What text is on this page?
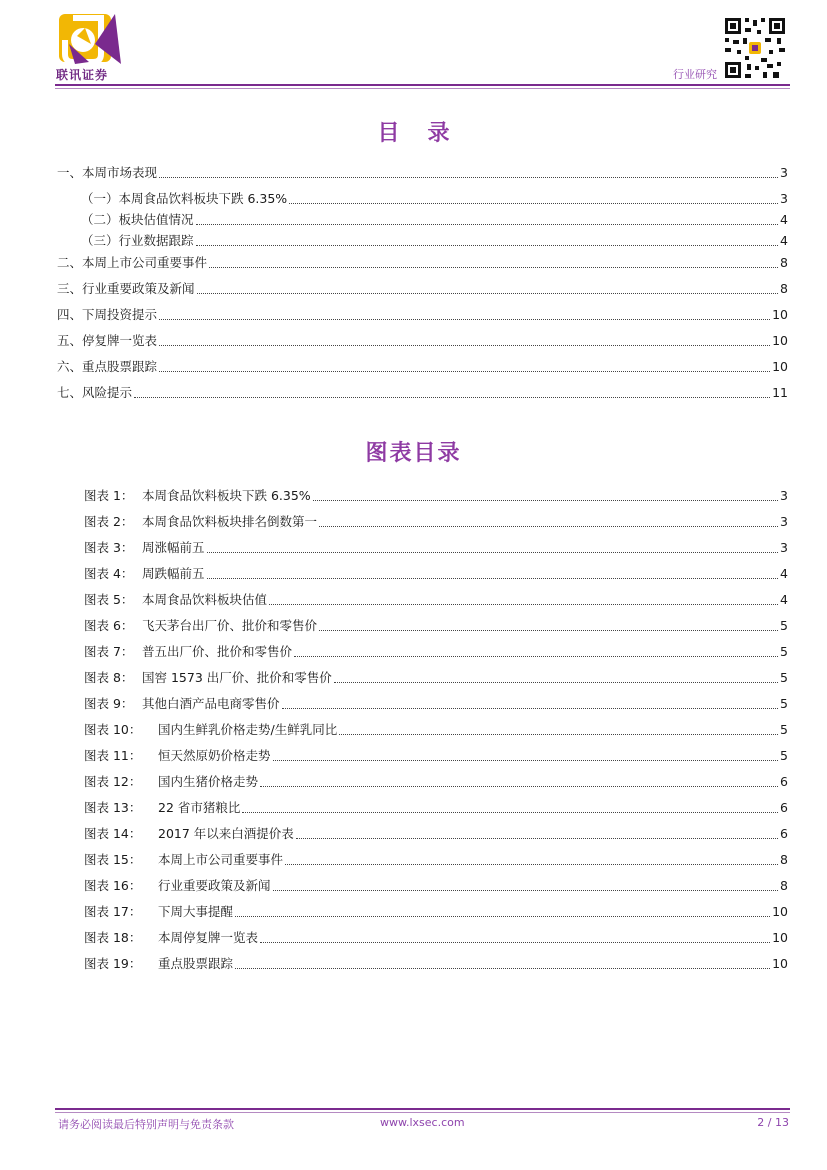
联讯证券	行业研究
目录
一、本周市场表现	3
（一）本周食品饮料板块下跌 6.35%	3
（二）板块估值情况	4
（三）行业数据跟踪	4
二、本周上市公司重要事件	8
三、行业重要政策及新闻	8
四、下周投资提示	10
五、停复牌一览表	10
六、重点股票跟踪	10
七、风险提示	11
图表目录
图表 1： 本周食品饮料板块下跌 6.35%	3
图表 2： 本周食品饮料板块排名倒数第一	3
图表 3： 周涨幅前五	3
图表 4： 周跌幅前五	4
图表 5： 本周食品饮料板块估值	4
图表 6： 飞天茅台出厂价、批价和零售价	5
图表 7： 普五出厂价、批价和零售价	5
图表 8： 国窖 1573 出厂价、批价和零售价	5
图表 9： 其他白酒产品电商零售价	5
图表 10： 国内生鲜乳价格走势/生鲜乳同比	5
图表 11： 恒天然原奶价格走势	5
图表 12： 国内生猪价格走势	6
图表 13： 22 省市猪粮比	6
图表 14： 2017 年以来白酒提价表	6
图表 15： 本周上市公司重要事件	8
图表 16： 行业重要政策及新闻	8
图表 17： 下周大事提醒	10
图表 18： 本周停复牌一览表	10
图表 19： 重点股票跟踪	10
请务必阅读最后特别声明与免责条款	www.lxsec.com	2 / 13
